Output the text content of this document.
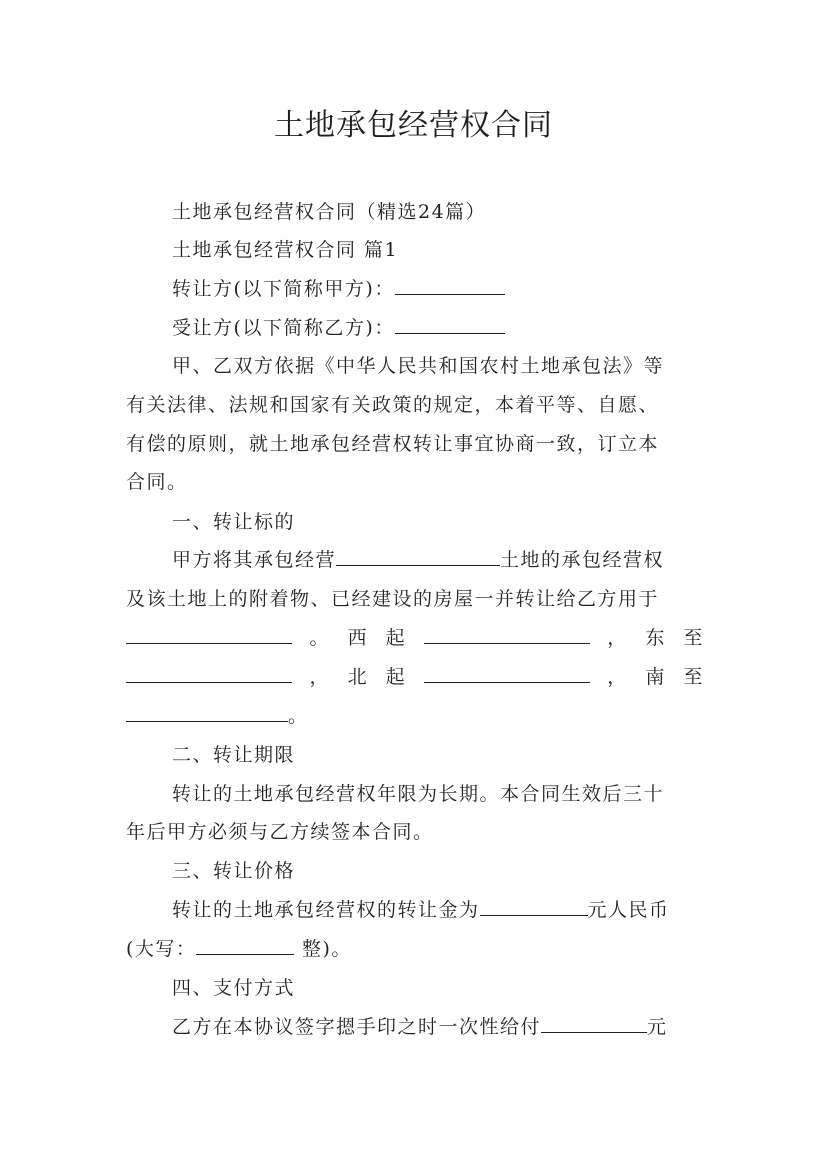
土地承包经营权合同
土地承包经营权合同（精选24篇）
土地承包经营权合同 篇1
转让方(以下简称甲方)：
受让方(以下简称乙方)：
甲、乙双方依据《中华人民共和国农村土地承包法》等
有关法律、法规和国家有关政策的规定，本着平等、自愿、
有偿的原则，就土地承包经营权转让事宜协商一致，订立本
合同。
一、转让标的
甲方将其承包经营	土地的承包经营权
及该土地上的附着物、已经建设的房屋一并转让给乙方用于
。 西 起	， 东 至
， 北 起	， 南 至
。
二、转让期限
转让的土地承包经营权年限为长期。本合同生效后三十
年后甲方必须与乙方续签本合同。
三、转让价格
转让的土地承包经营权的转让金为	元人民币
(大写：	整)。
四、支付方式
乙方在本协议签字摁手印之时一次性给付	元
